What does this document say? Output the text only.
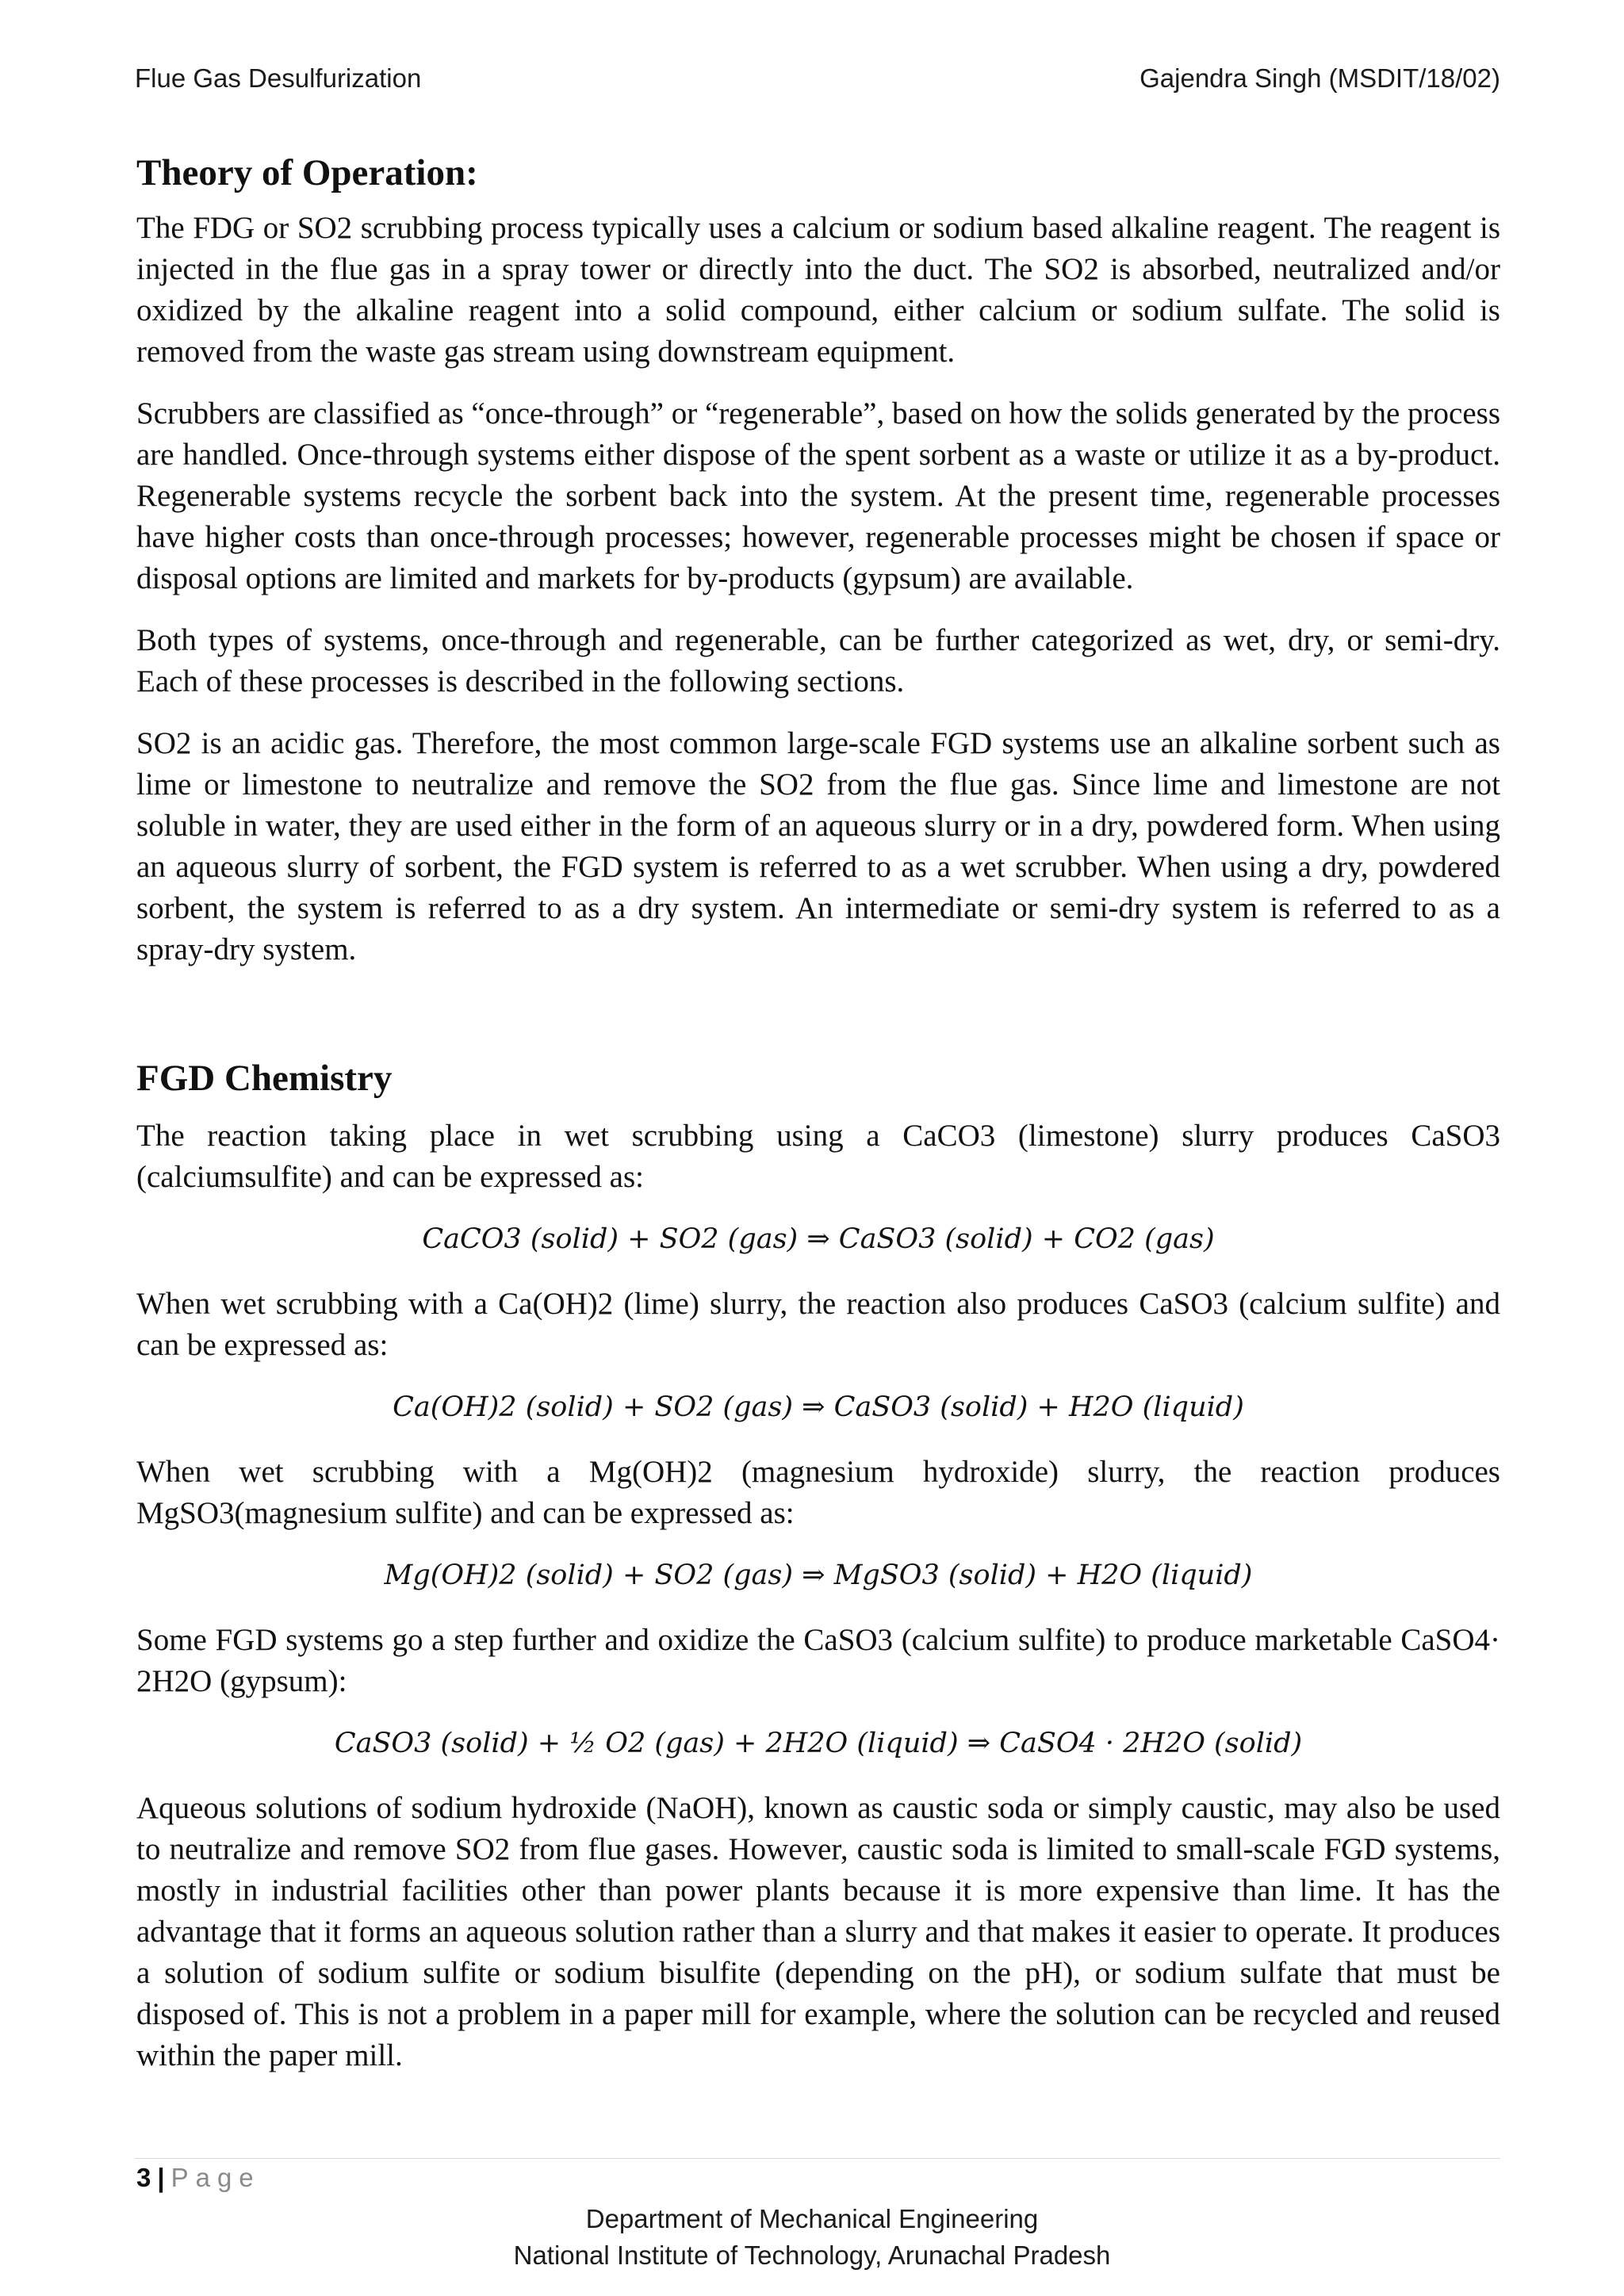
Flue Gas Desulfurization	Gajendra Singh (MSDIT/18/02)
Theory of Operation:

The FDG or SO2 scrubbing process typically uses a calcium or sodium based alkaline reagent. The reagent is injected in the flue gas in a spray tower or directly into the duct. The SO2 is absorbed, neutralized and/or oxidized by the alkaline reagent into a solid compound, either calcium or sodium sulfate. The solid is removed from the waste gas stream using downstream equipment.

Scrubbers are classified as “once-through” or “regenerable”, based on how the solids generated by the process are handled. Once-through systems either dispose of the spent sorbent as a waste or utilize it as a by-product. Regenerable systems recycle the sorbent back into the system. At the present time, regenerable processes have higher costs than once-through processes; however, regenerable processes might be chosen if space or disposal options are limited and markets for by-products (gypsum) are available.

Both types of systems, once-through and regenerable, can be further categorized as wet, dry, or semi-dry. Each of these processes is described in the following sections.

SO2 is an acidic gas. Therefore, the most common large-scale FGD systems use an alkaline sorbent such as lime or limestone to neutralize and remove the SO2 from the flue gas. Since lime and limestone are not soluble in water, they are used either in the form of an aqueous slurry or in a dry, powdered form. When using an aqueous slurry of sorbent, the FGD system is referred to as a wet scrubber. When using a dry, powdered sorbent, the system is referred to as a dry system. An intermediate or semi-dry system is referred to as a spray-dry system.

FGD Chemistry

The reaction taking place in wet scrubbing using a CaCO3 (limestone) slurry produces CaSO3 (calciumsulfite) and can be expressed as:

CaCO3 (solid) + SO2 (gas) ⇒ CaSO3 (solid) + CO2 (gas)

When wet scrubbing with a Ca(OH)2 (lime) slurry, the reaction also produces CaSO3 (calcium sulfite) and can be expressed as:

Ca(OH)2 (solid) + SO2 (gas) ⇒ CaSO3 (solid) + H2O (liquid)

When wet scrubbing with a Mg(OH)2 (magnesium hydroxide) slurry, the reaction produces MgSO3(magnesium sulfite) and can be expressed as:

Mg(OH)2 (solid) + SO2 (gas) ⇒ MgSO3 (solid) + H2O (liquid)

Some FGD systems go a step further and oxidize the CaSO3 (calcium sulfite) to produce marketable CaSO4· 2H2O (gypsum):

CaSO3 (solid) + ½ O2 (gas) + 2H2O (liquid) ⇒ CaSO4 · 2H2O (solid)

Aqueous solutions of sodium hydroxide (NaOH), known as caustic soda or simply caustic, may also be used to neutralize and remove SO2 from flue gases. However, caustic soda is limited to small-scale FGD systems, mostly in industrial facilities other than power plants because it is more expensive than lime. It has the advantage that it forms an aqueous solution rather than a slurry and that makes it easier to operate. It produces a solution of sodium sulfite or sodium bisulfite (depending on the pH), or sodium sulfate that must be disposed of. This is not a problem in a paper mill for example, where the solution can be recycled and reused within the paper mill.

3 | Page
Department of Mechanical Engineering
National Institute of Technology, Arunachal Pradesh
